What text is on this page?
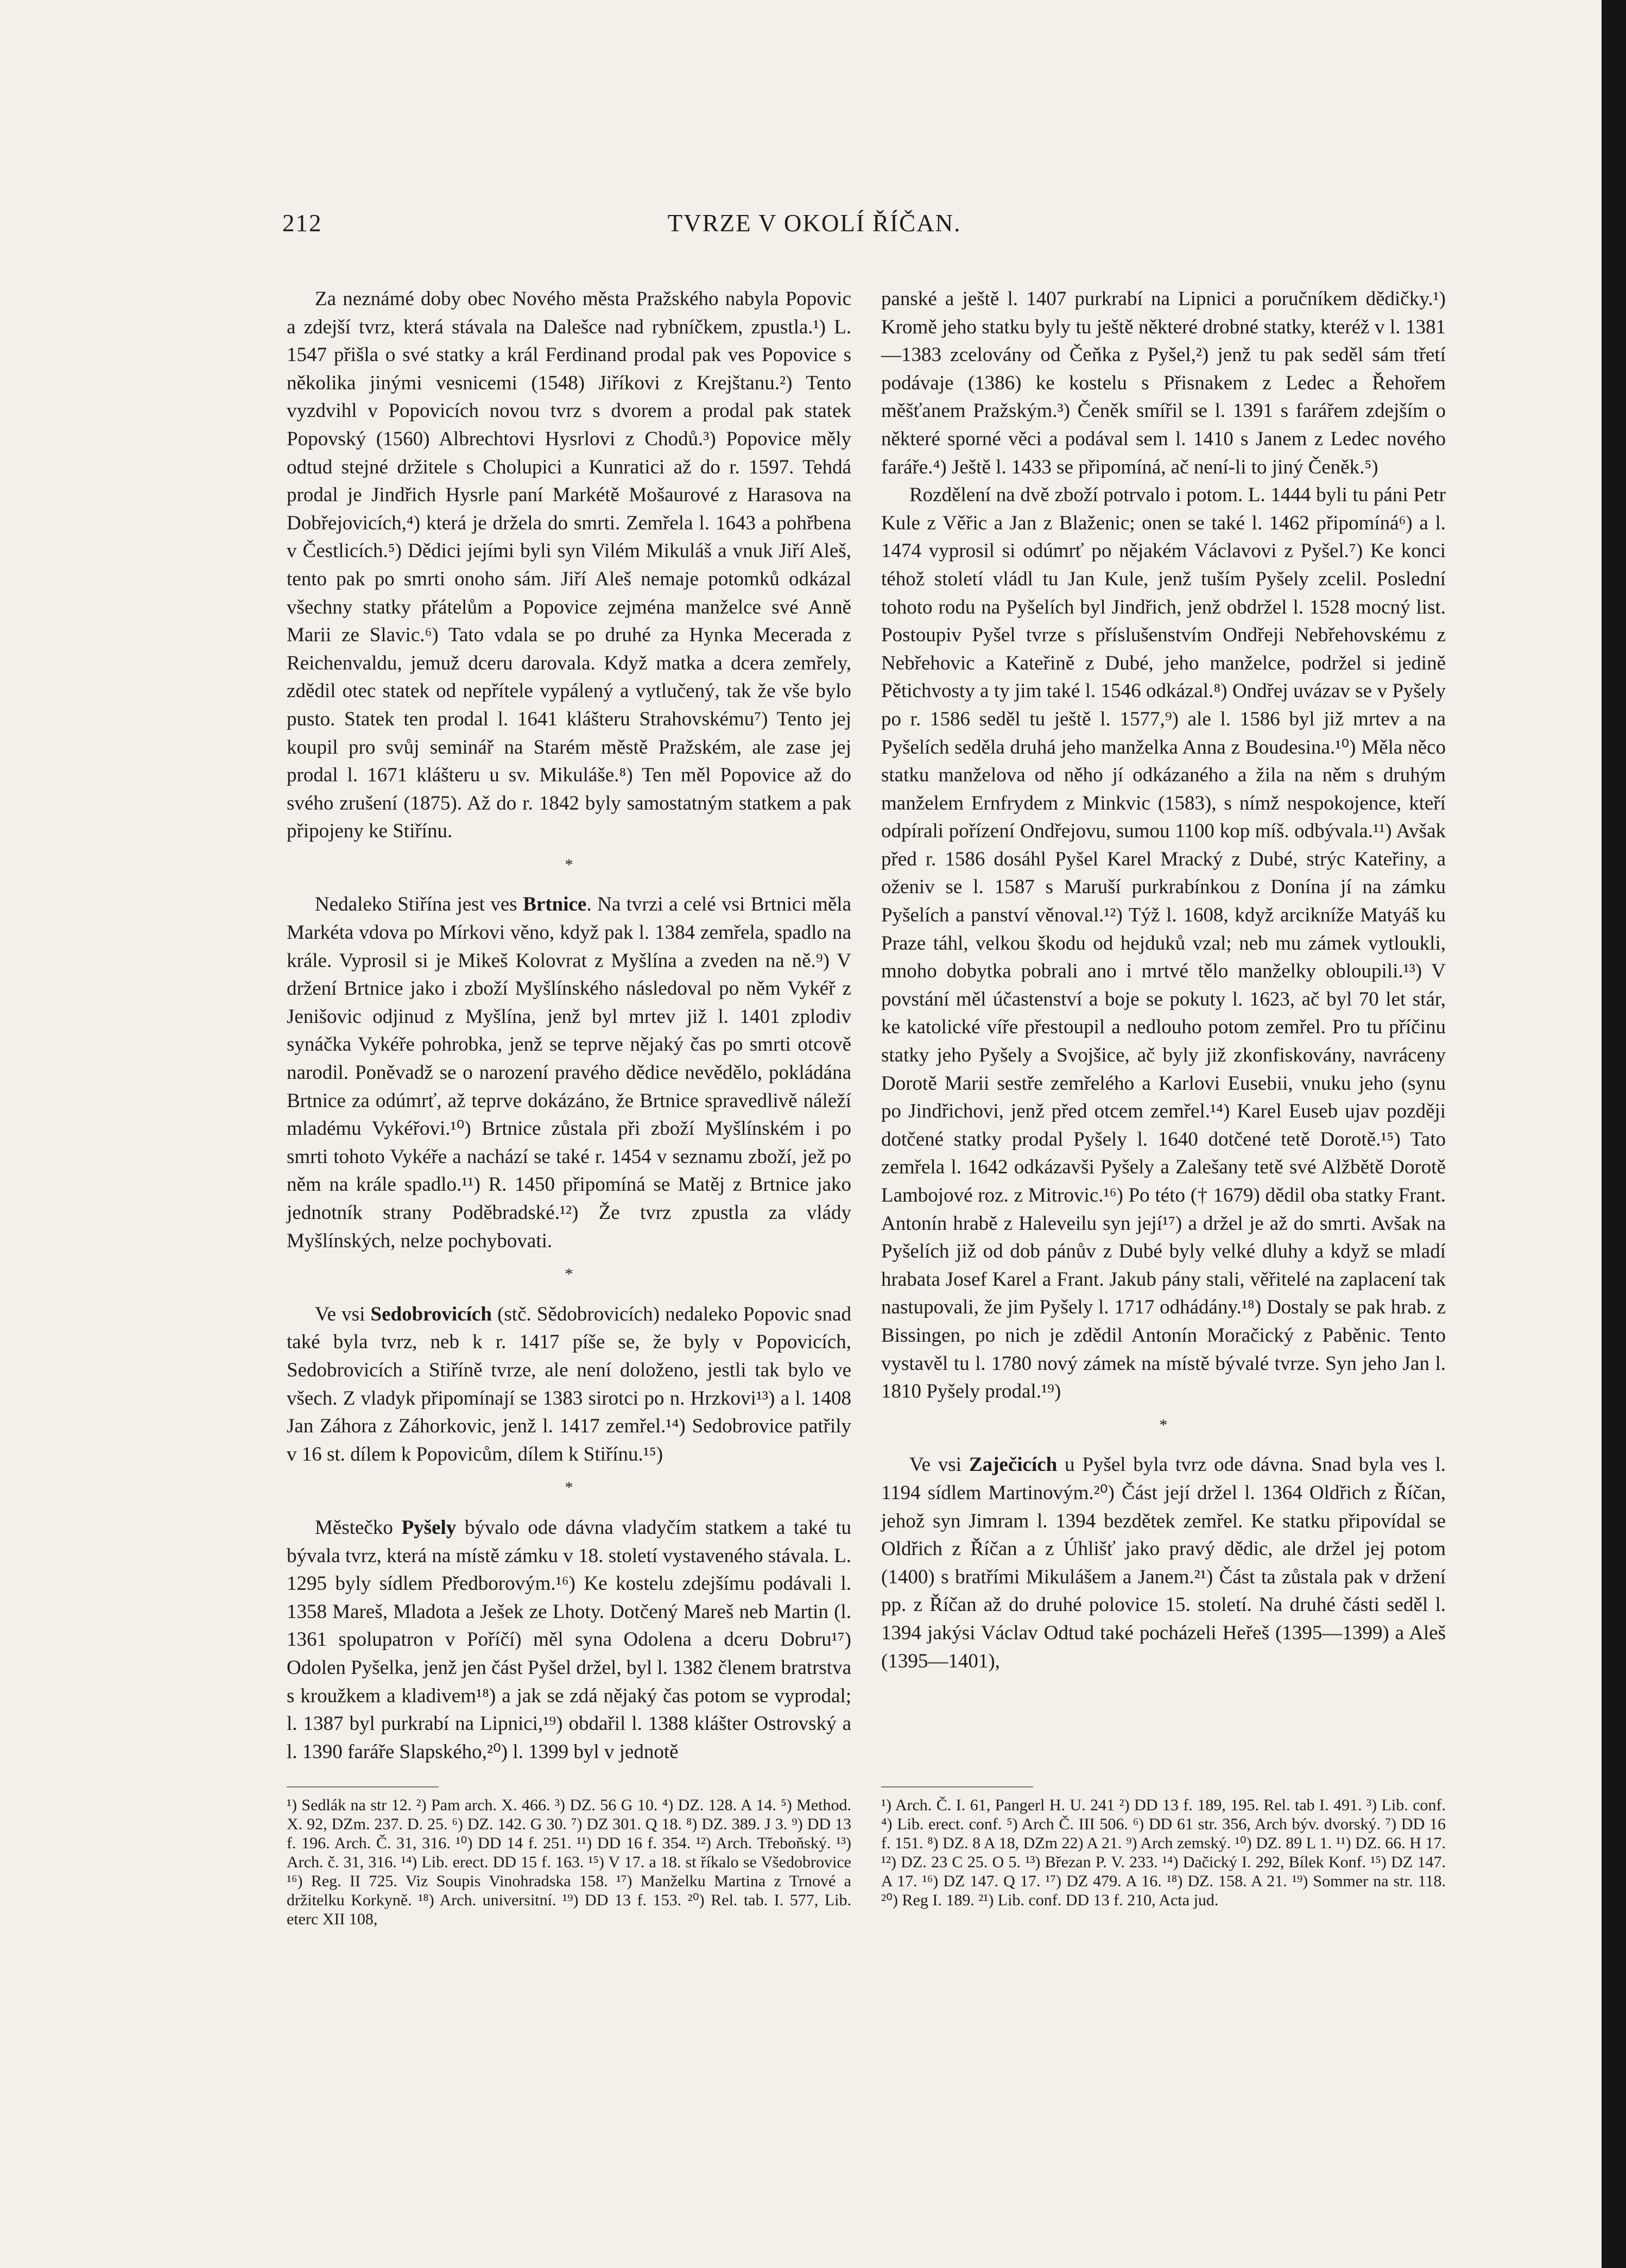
212	TVRZE V OKOLÍ ŘÍČAN.

Za neznámé doby obec Nového města Pražského nabyla Popovic a zdejší tvrz, která stávala na Dalešce nad rybníčkem, zpustla.¹) L. 1547 přišla o své statky a král Ferdinand prodal pak ves Popovice s několika jinými vesnicemi (1548) Jiříkovi z Krejštanu.²) Tento vyzdvihl v Popovicích novou tvrz s dvorem a prodal pak statek Popovský (1560) Albrechtovi Hysrlovi z Chodů.³) Popovice měly odtud stejné držitele s Cholupici a Kunratici až do r. 1597. Tehdá prodal je Jindřich Hysrle paní Markétě Mošaurové z Harasova na Dobřejovicích,⁴) která je držela do smrti. Zemřela l. 1643 a pohřbena v Čestlicích.⁵) Dědici jejími byli syn Vilém Mikuláš a vnuk Jiří Aleš, tento pak po smrti onoho sám. Jiří Aleš nemaje potomků odkázal všechny statky přátelům a Popovice zejména manželce své Anně Marii ze Slavic.⁶) Tato vdala se po druhé za Hynka Mecerada z Reichenvaldu, jemuž dceru darovala. Když matka a dcera zemřely, zdědil otec statek od nepřítele vypálený a vytlučený, tak že vše bylo pusto. Statek ten prodal l. 1641 klášteru Strahovskému⁷) Tento jej koupil pro svůj seminář na Starém městě Pražském, ale zase jej prodal l. 1671 klášteru u sv. Mikuláše.⁸) Ten měl Popovice až do svého zrušení (1875). Až do r. 1842 byly samostatným statkem a pak připojeny ke Stiřínu.

*

Nedaleko Stiřína jest ves Brtnice. Na tvrzi a celé vsi Brtnici měla Markéta vdova po Mírkovi věno, když pak l. 1384 zemřela, spadlo na krále. Vyprosil si je Mikeš Kolovrat z Myšlína a zveden na ně.⁹) V držení Brtnice jako i zboží Myšlínského následoval po něm Vykéř z Jenišovic odjinud z Myšlína, jenž byl mrtev již l. 1401 zplodiv synáčka Vykéře pohrobka, jenž se teprve nějaký čas po smrti otcově narodil. Poněvadž se o narození pravého dědice nevědělo, pokládána Brtnice za odúmrť, až teprve dokázáno, že Brtnice spravedlivě náleží mladému Vykéřovi.¹⁰) Brtnice zůstala při zboží Myšlínském i po smrti tohoto Vykéře a nachází se také r. 1454 v seznamu zboží, jež po něm na krále spadlo.¹¹) R. 1450 připomíná se Matěj z Brtnice jako jednotník strany Poděbradské.¹²) Že tvrz zpustla za vlády Myšlínských, nelze pochybovati.

*

Ve vsi Sedobrovicích (stč. Sědobrovicích) nedaleko Popovic snad také byla tvrz, neb k r. 1417 píše se, že byly v Popovicích, Sedobrovicích a Stiříně tvrze, ale není doloženo, jestli tak bylo ve všech. Z vladyk připomínají se 1383 sirotci po n. Hrzkovi¹³) a l. 1408 Jan Záhora z Záhorkovic, jenž l. 1417 zemřel.¹⁴) Sedobrovice patřily v 16 st. dílem k Popovicům, dílem k Stiřínu.¹⁵)

*

Městečko Pyšely bývalo odе dávna vladyčím statkem a také tu bývala tvrz, která na místě zámku v 18. století vystaveného stávala. L. 1295 byly sídlem Předborovým.¹⁶) Ke kostelu zdejšímu podávali l. 1358 Mareš, Mladota a Ješek ze Lhoty. Dotčený Mareš neb Martin (l. 1361 spolupatron v Poříčí) měl syna Odolena a dceru Dobru¹⁷) Odolen Pyšelka, jenž jen část Pyšel držel, byl l. 1382 členem bratrstva s kroužkem a kladivem¹⁸) a jak se zdá nějaký čas potom se vyprodal; l. 1387 byl purkrabí na Lipnici,¹⁹) obdařil l. 1388 klášter Ostrovský a l. 1390 faráře Slapského,²⁰) l. 1399 byl v jednotě

panské a ještě l. 1407 purkrabí na Lipnici a poručníkem dědičky.¹) Kromě jeho statku byly tu ještě některé drobné statky, kteréž v l. 1381—1383 zcelovány od Čeňka z Pyšel,²) jenž tu pak seděl sám třetí podávaje (1386) ke kostelu s Přisnakem z Ledec a Řehořem měšťanem Pražským.³) Čeněk smířil se l. 1391 s farářem zdejším o některé sporné věci a podával sem l. 1410 s Janem z Ledec nového faráře.⁴) Ještě l. 1433 se připomíná, ač není-li to jiný Čeněk.⁵)

Rozdělení na dvě zboží potrvalo i potom. L. 1444 byli tu páni Petr Kule z Věřic a Jan z Blaženic; onen se také l. 1462 připomíná⁶) a l. 1474 vyprosil si odúmrť po nějakém Václavovi z Pyšel.⁷) Ke konci téhož století vládl tu Jan Kule, jenž tuším Pyšely zcelil. Poslední tohoto rodu na Pyšelích byl Jindřich, jenž obdržel l. 1528 mocný list. Postoupiv Pyšel tvrze s příslušenstvím Ondřeji Nebřehovskému z Nebřehovic a Kateřině z Dubé, jeho manželce, podržel si jedině Pětichvosty a ty jim také l. 1546 odkázal.⁸) Ondřej uvázav se v Pyšely po r. 1586 seděl tu ještě l. 1577,⁹) ale l. 1586 byl již mrtev a na Pyšelích seděla druhá jeho manželka Anna z Boudesina.¹⁰) Měla něco statku manželova od něho jí odkázaného a žila na něm s druhým manželem Ernfrydem z Minkvic (1583), s nímž nespokojence, kteří odpírali pořízení Ondřejovu, sumou 1100 kop míš. odbývala.¹¹) Avšak před r. 1586 dosáhl Pyšel Karel Mracký z Dubé, strýc Kateřiny, a oženiv se l. 1587 s Maruší purkrabínkou z Donína jí na zámku Pyšelích a panství věnoval.¹²) Týž l. 1608, když arcikníže Matyáš ku Praze táhl, velkou škodu od hejduků vzal; neb mu zámek vytloukli, mnoho dobytka pobrali ano i mrtvé tělo manželky obloupili.¹³) V povstání měl účastenství a boje se pokuty l. 1623, ač byl 70 let stár, ke katolické víře přestoupil a nedlouho potom zemřel. Pro tu příčinu statky jeho Pyšely a Svojšice, ač byly již zkonfiskovány, navráceny Dorotě Marii sestře zemřelého a Karlovi Eusebii, vnuku jeho (synu po Jindřichovi, jenž před otcem zemřel.¹⁴) Karel Euseb ujav později dotčené statky prodal Pyšely l. 1640 dotčené tetě Dorotě.¹⁵) Tato zemřela l. 1642 odkázavši Pyšely a Zalešany tetě své Alžbětě Dorotě Lambojové roz. z Mitrovic.¹⁶) Po této († 1679) dědil oba statky Frant. Antonín hrabě z Haleveilu syn její¹⁷) a držel je až do smrti. Avšak na Pyšelích již od dob pánův z Dubé byly velké dluhy a když se mladí hrabata Josef Karel a Frant. Jakub pány stali, věřitelé na zaplacení tak nastupovali, že jim Pyšely l. 1717 odhádány.¹⁸) Dostaly se pak hrab. z Bissingen, po nich je zdědil Antonín Moračický z Paběnic. Tento vystavěl tu l. 1780 nový zámek na místě bývalé tvrze. Syn jeho Jan l. 1810 Pyšely prodal.¹⁹)

*

Ve vsi Zaječicích u Pyšel byla tvrz odе dávna. Snad byla ves l. 1194 sídlem Martinovým.²⁰) Část její držel l. 1364 Oldřich z Říčan, jehož syn Jimram l. 1394 bezdětek zemřel. Ke statku připovídal se Oldřich z Říčan a z Úhlišť jako pravý dědic, ale držel jej potom (1400) s bratřími Mikulášem a Janem.²¹) Část ta zůstala pak v držení pp. z Říčan až do druhé polovice 15. století. Na druhé části seděl l. 1394 jakýsi Václav Odtud také pocházeli Heřeš (1395—1399) a Aleš (1395—1401),

¹) Sedlák na str 12. ²) Pam arch. X. 466. ³) DZ. 56 G 10. ⁴) DZ. 128. A 14. ⁵) Method. X. 92, DZm. 237. D. 25. ⁶) DZ. 142. G 30. ⁷) DZ 301. Q 18. ⁸) DZ. 389. J 3. ⁹) DD 13 f. 196. Arch. Č. 31, 316. ¹⁰) DD 14 f. 251. ¹¹) DD 16 f. 354. ¹²) Arch. Třeboňský. ¹³) Arch. č. 31, 316. ¹⁴) Lib. erect. DD 15 f. 163. ¹⁵) V 17. a 18. st říkalo se Všedobrovice ¹⁶) Reg. II 725. Viz Soupis Vinohradska 158. ¹⁷) Manželku Martina z Trnové a držitelku Korkyně. ¹⁸) Arch. universitní. ¹⁹) DD 13 f. 153. ²⁰) Rel. tab. I. 577, Lib. eterc XII 108,
¹) Arch. Č. I. 61, Pangerl H. U. 241 ²) DD 13 f. 189, 195. Rel. tab I. 491. ³) Lib. conf. ⁴) Lib. erect. conf. ⁵) Arch Č. III 506. ⁶) DD 61 str. 356, Arch býv. dvorský. ⁷) DD 16 f. 151. ⁸) DZ. 8 A 18, DZm 22) A 21. ⁹) Arch zemský. ¹⁰) DZ. 89 L 1. ¹¹) DZ. 66. H 17. ¹²) DZ. 23 C 25. O 5. ¹³) Březan P. V. 233. ¹⁴) Dačický I. 292, Bílek Konf. ¹⁵) DZ 147. A 17. ¹⁶) DZ 147. Q 17. ¹⁷) DZ 479. A 16. ¹⁸) DZ. 158. A 21. ¹⁹) Sommer na str. 118. ²⁰) Reg I. 189. ²¹) Lib. conf. DD 13 f. 210, Acta jud.
